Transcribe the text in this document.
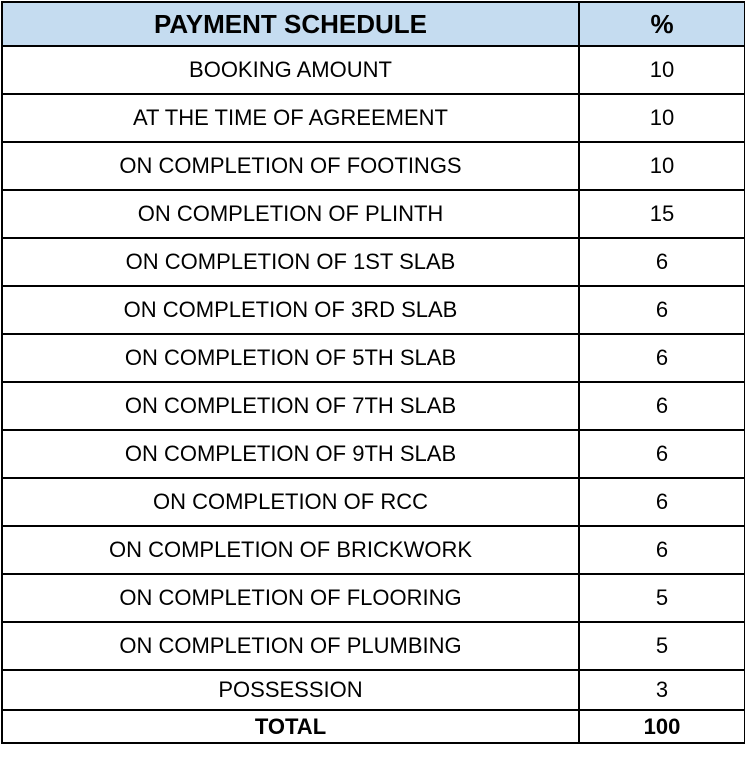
PAYMENT SCHEDULE	%
BOOKING AMOUNT	10
AT THE TIME OF AGREEMENT	10
ON COMPLETION OF FOOTINGS	10
ON COMPLETION OF PLINTH	15
ON COMPLETION OF 1ST SLAB	6
ON COMPLETION OF 3RD SLAB	6
ON COMPLETION OF 5TH SLAB	6
ON COMPLETION OF 7TH SLAB	6
ON COMPLETION OF 9TH SLAB	6
ON COMPLETION OF RCC	6
ON COMPLETION OF BRICKWORK	6
ON COMPLETION OF FLOORING	5
ON COMPLETION OF PLUMBING	5
POSSESSION	3
TOTAL	100
